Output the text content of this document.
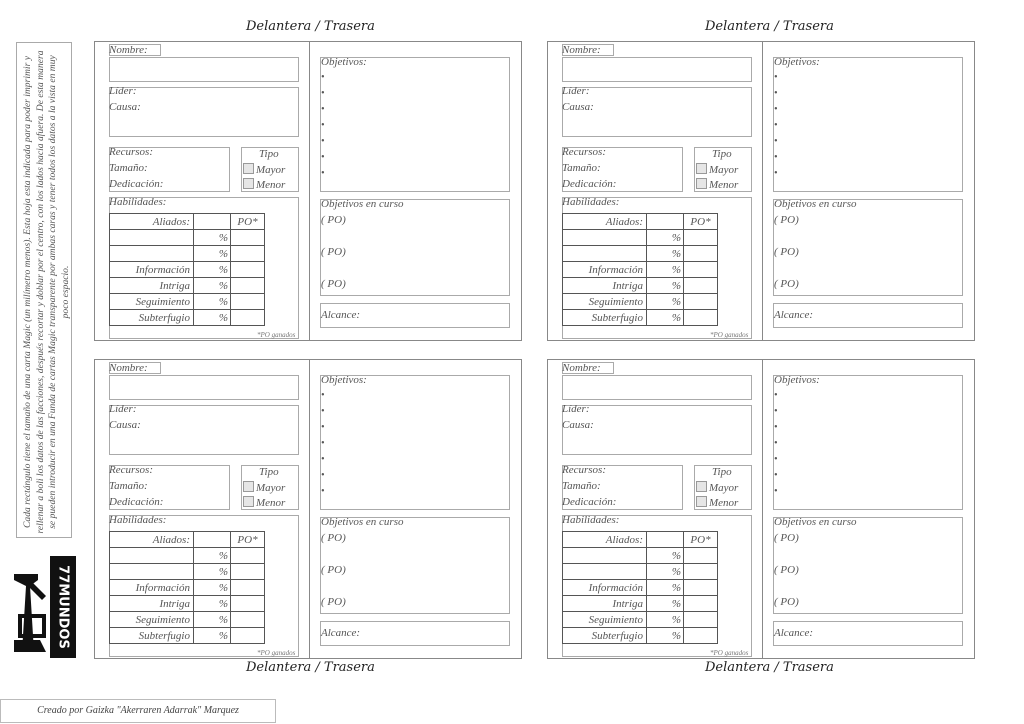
Delantera / Trasera	Delantera / Trasera
Delantera / Trasera	Delantera / Trasera
Cada rectángulo tiene el tamaño de una carta Magic (un milímetro menos). Esta hoja esta indicada para poder imprimir y rellenar a boli los datos de las facciones, después recortar y doblar por el centro, con los lados hacia afuera. De esta manera se pueden introducir en una Funda de cartas Magic transparente por ambas caras y tener todos los datos a la vista en muy poco espacio.
77MUNDOS
Creado por Gaizka "Akerraren Adarrak" Marquez
Nombre:
Líder:
Causa:
Recursos:
Tamaño:
Dedicación:
Tipo
Mayor
Menor
Habilidades:
Aliados:		PO*
	%	
	%	
Información	%	
Intriga	%	
Seguimiento	%	
Subterfugio	%	
*PO ganados
Objetivos:
•
•
•
•
•
•
•
Objetivos en curso
( PO)
( PO)
( PO)
Alcance:
Nombre:
Líder:
Causa:
Recursos:
Tamaño:
Dedicación:
Tipo
Mayor
Menor
Habilidades:
Aliados:		PO*
	%	
	%	
Información	%	
Intriga	%	
Seguimiento	%	
Subterfugio	%	
*PO ganados
Objetivos:
•
•
•
•
•
•
•
Objetivos en curso
( PO)
( PO)
( PO)
Alcance:
Nombre:
Líder:
Causa:
Recursos:
Tamaño:
Dedicación:
Tipo
Mayor
Menor
Habilidades:
Aliados:		PO*
	%	
	%	
Información	%	
Intriga	%	
Seguimiento	%	
Subterfugio	%	
*PO ganados
Objetivos:
•
•
•
•
•
•
•
Objetivos en curso
( PO)
( PO)
( PO)
Alcance:
Nombre:
Líder:
Causa:
Recursos:
Tamaño:
Dedicación:
Tipo
Mayor
Menor
Habilidades:
Aliados:		PO*
	%	
	%	
Información	%	
Intriga	%	
Seguimiento	%	
Subterfugio	%	
*PO ganados
Objetivos:
•
•
•
•
•
•
•
Objetivos en curso
( PO)
( PO)
( PO)
Alcance:
